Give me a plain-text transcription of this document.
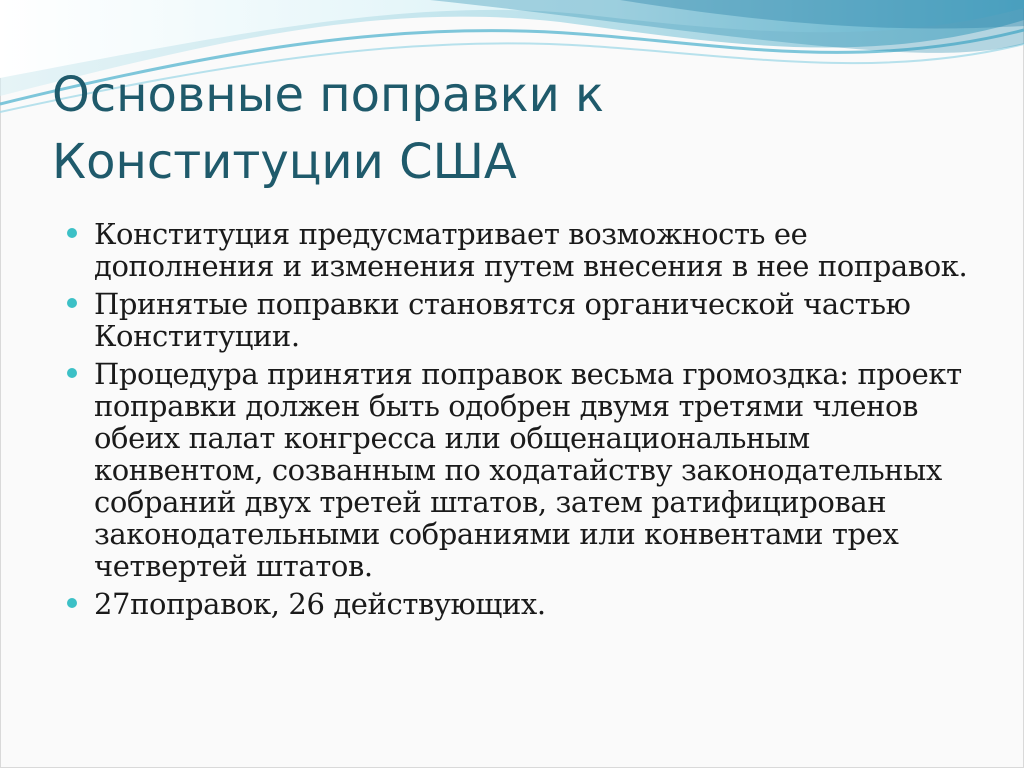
Основные поправки к
Конституции США
Конституция предусматривает возможность ее дополнения и изменения путем внесения в нее поправок.
Принятые поправки становятся органической частью Конституции.
Процедура принятия поправок весьма громоздка: проект поправки должен быть одобрен двумя третями членов обеих палат конгресса или общенациональным конвентом, созванным по ходатайству законодательных собраний двух третей штатов, затем ратифицирован законодательными собраниями или конвентами трех четвертей штатов.
27поправок, 26 действующих.
